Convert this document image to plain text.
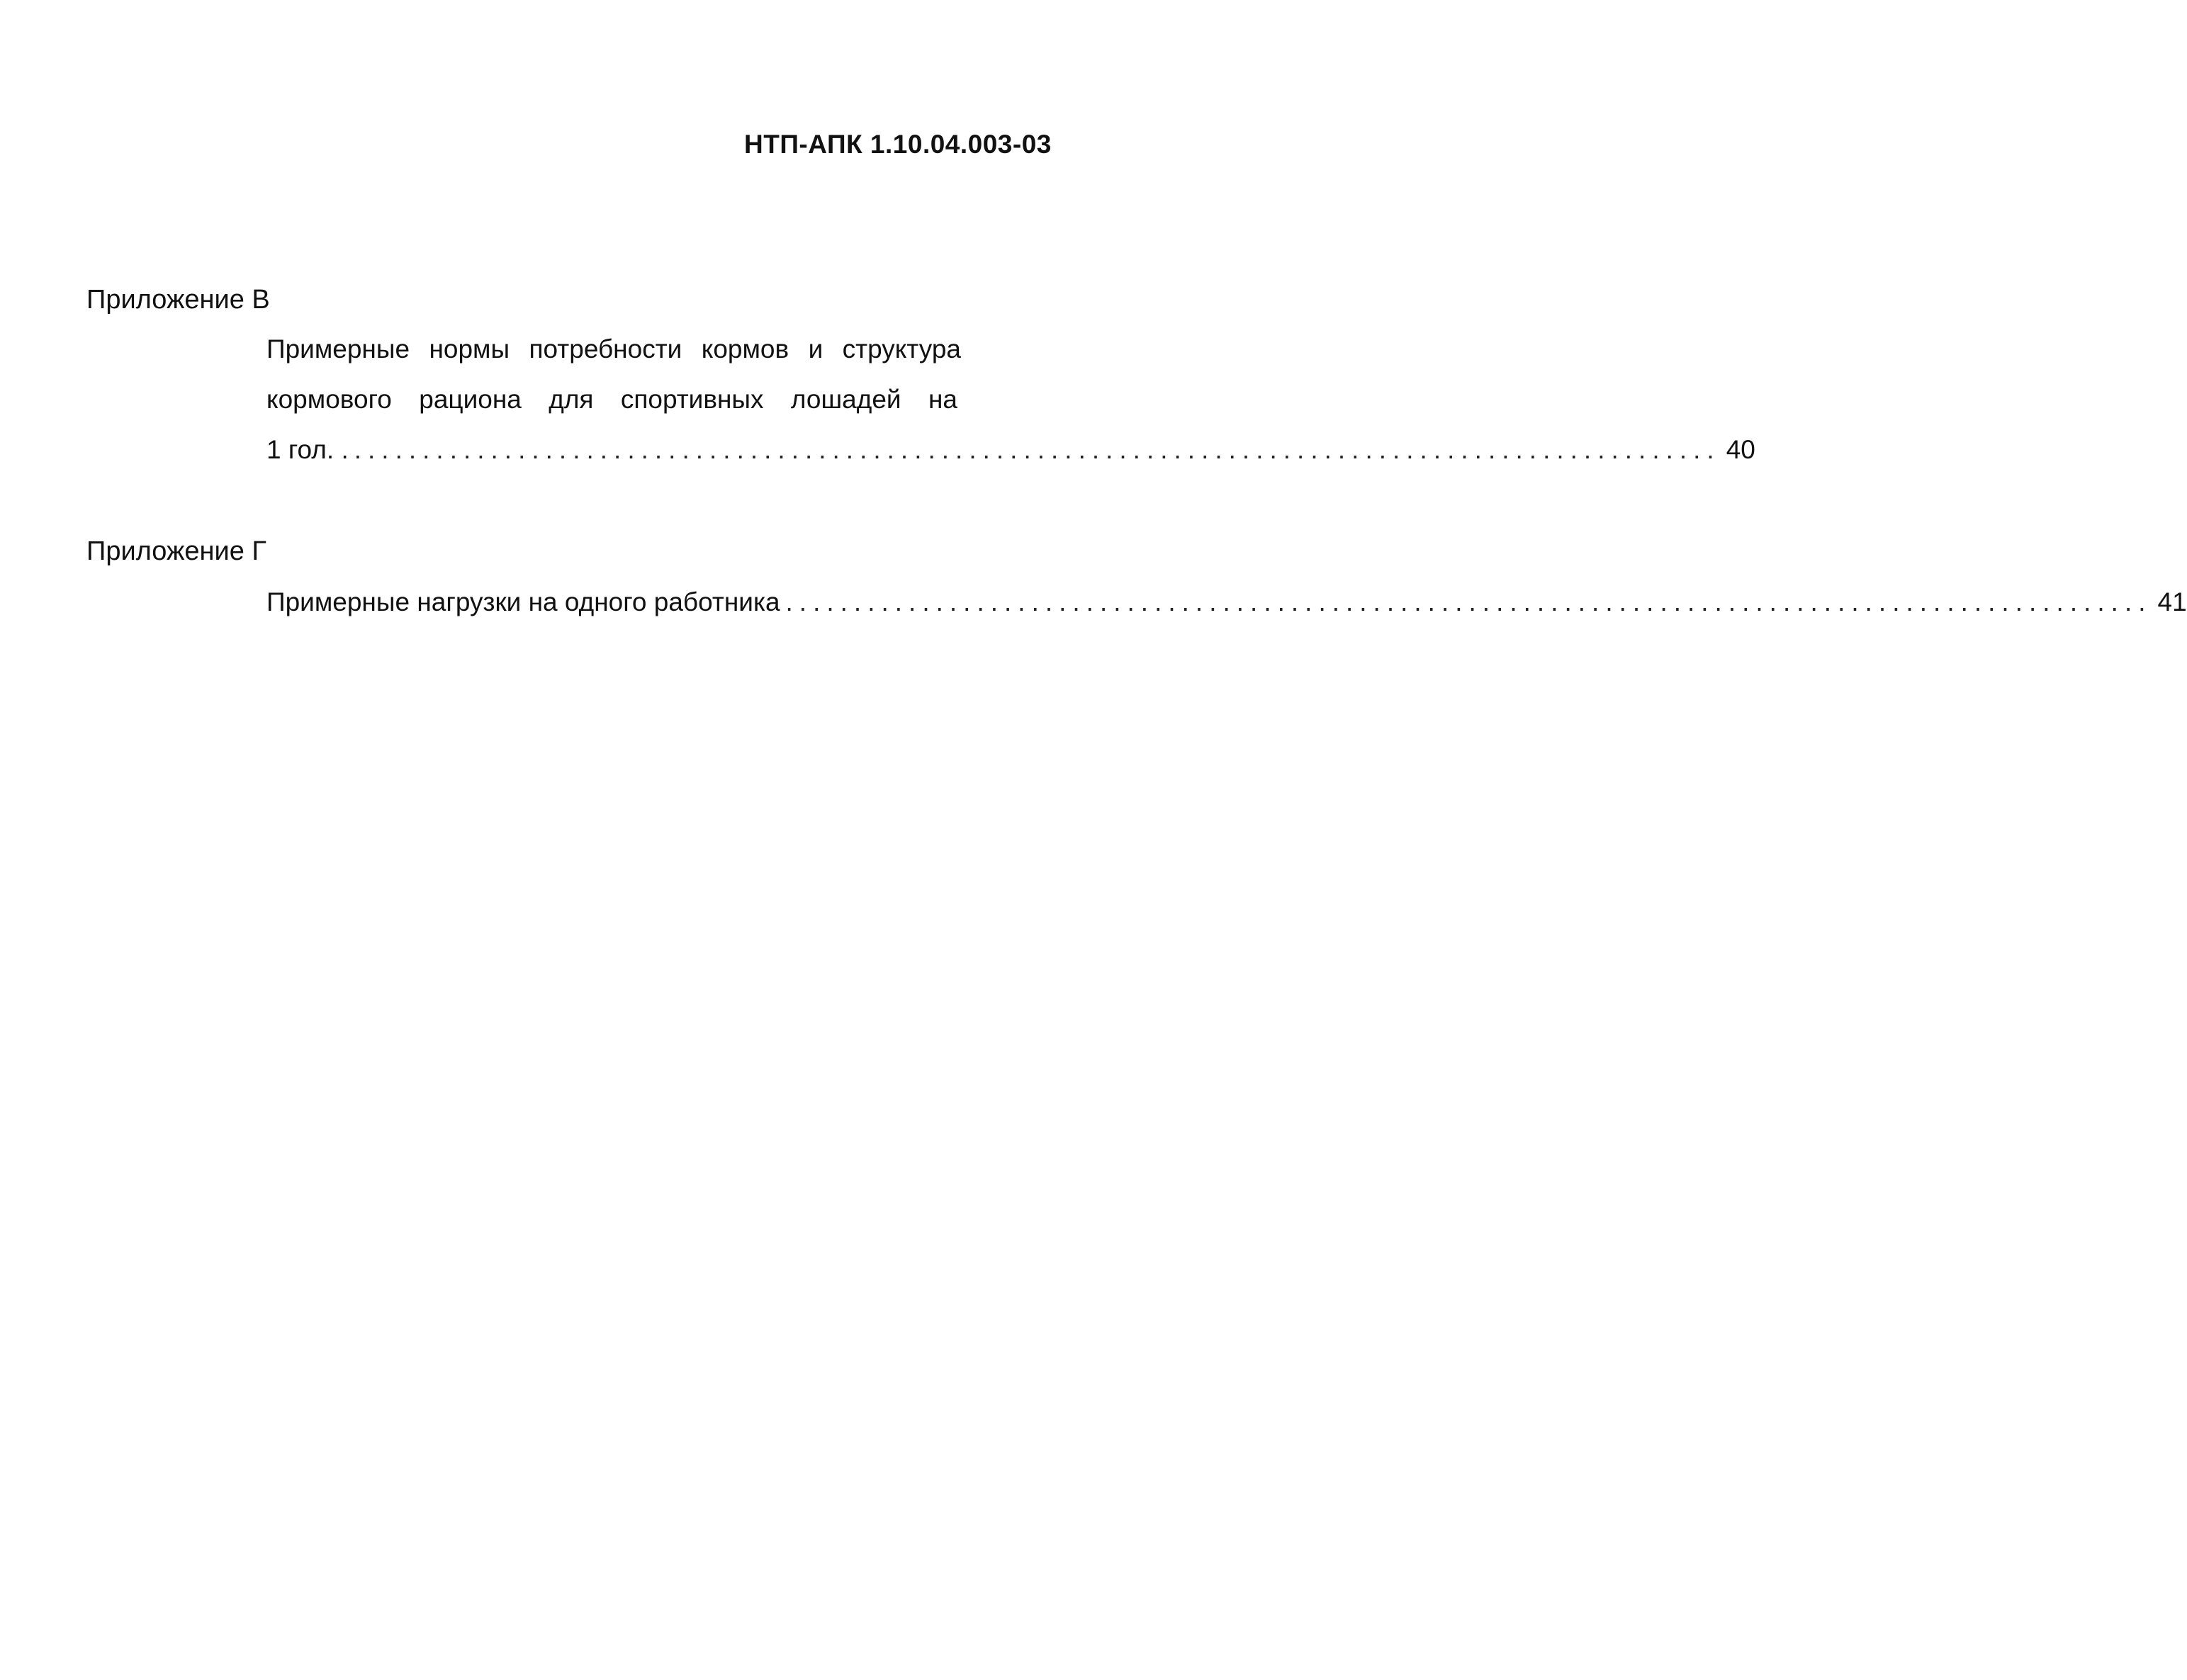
НТП-АПК 1.10.04.003-03
Приложение В
Примерные нормы потребности кормов и структура
кормового рациона для спортивных лошадей на
1 гол. . .................................................................................................... 40
Приложение Г
Примерные нагрузки на одного работника .................................................................................................... 41
